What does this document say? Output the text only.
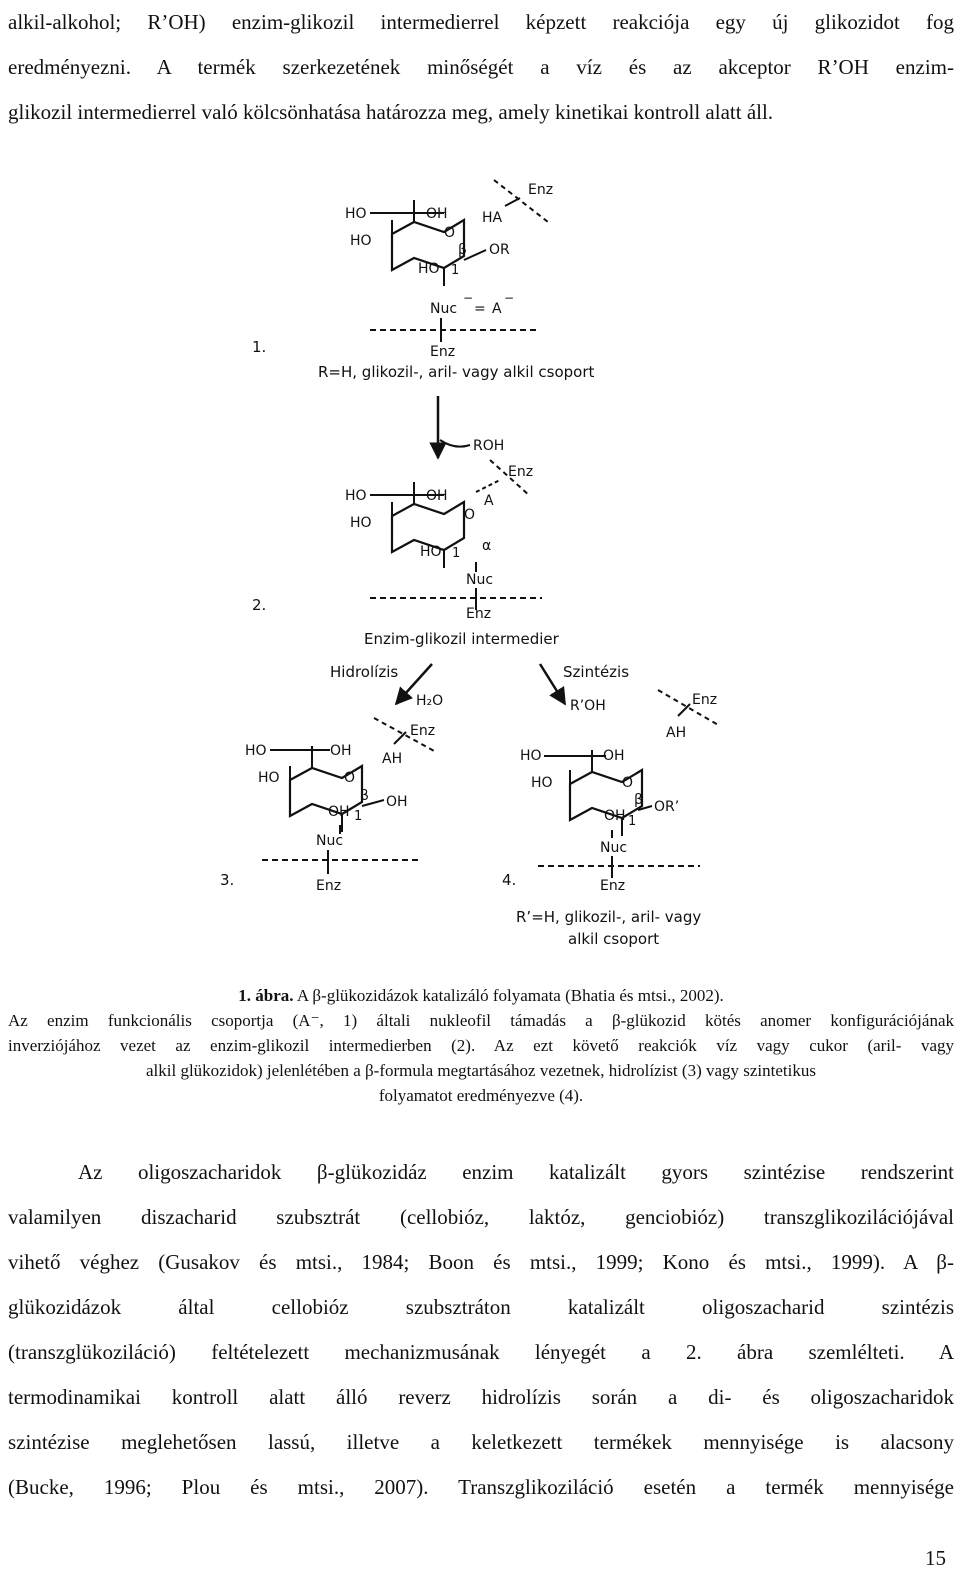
alkil-alkohol; R’OH) enzim-glikozil intermedierrel képzett reakciója egy új glikozidot fog
eredményezni. A termék szerkezetének minőségét a víz és az akceptor R’OH enzim-
glikozil intermedierrel való kölcsönhatása határozza meg, amely kinetikai kontroll alatt áll.
HO	OH
HO	O
β
HO 1
OR
HA
Enz
Nuc
−
= A
−
Enz
R=H, glikozil-, aril- vagy alkil csoport
1.
ROH
HO	OH
HO	O
α
HO 1
A
Enz
Nuc
Enz
Enzim-glikozil intermedier
2.
Hidrolízis
H₂O
Szintézis
R’OH
HO	OH
HO	O
β OH
OH 1
AH
Enz
Nuc
Enz
3.
HO	OH
HO	O
β OR’
OH 1
AH
Enz
Nuc
Enz
R’=H, glikozil-, aril- vagy
alkil csoport
4.
1. ábra. A β-glükozidázok katalizáló folyamata (Bhatia és mtsi., 2002).
Az enzim funkcionális csoportja (A⁻, 1) általi nukleofil támadás a β-glükozid kötés anomer konfigurációjának
inverziójához vezet az enzim-glikozil intermedierben (2). Az ezt követő reakciók víz vagy cukor (aril- vagy
alkil glükozidok) jelenlétében a β-formula megtartásához vezetnek, hidrolízist (3) vagy szintetikus
folyamatot eredményezve (4).
Az oligoszacharidok β-glükozidáz enzim katalizált gyors szintézise rendszerint
valamilyen diszacharid szubsztrát (cellobióz, laktóz, genciobióz) transzglikozilációjával
vihető véghez (Gusakov és mtsi., 1984; Boon és mtsi., 1999; Kono és mtsi., 1999). A β-
glükozidázok által cellobióz szubsztráton katalizált oligoszacharid szintézis
(transzglükoziláció) feltételezett mechanizmusának lényegét a 2. ábra szemlélteti. A
termodinamikai kontroll alatt álló reverz hidrolízis során a di- és oligoszacharidok
szintézise meglehetősen lassú, illetve a keletkezett termékek mennyisége is alacsony
(Bucke, 1996; Plou és mtsi., 2007). Transzglikoziláció esetén a termék mennyisége
15
